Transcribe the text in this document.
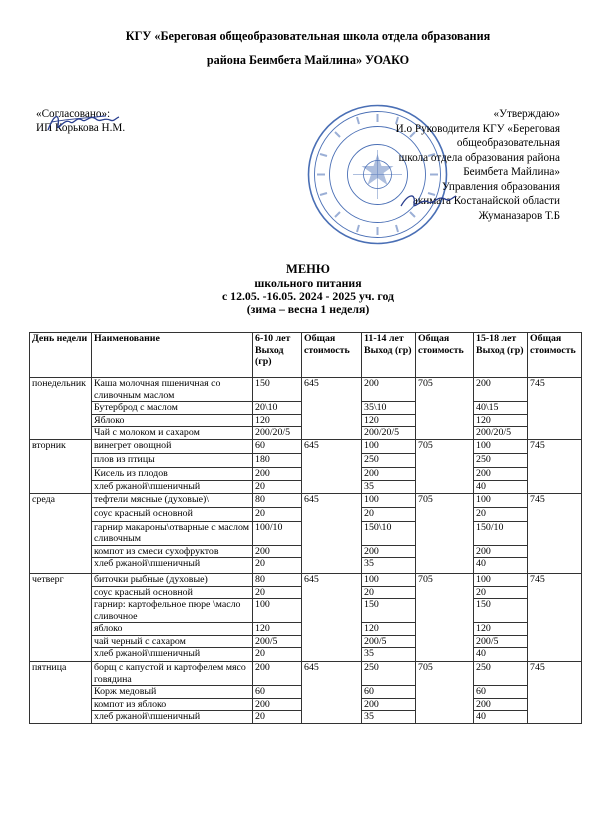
КГУ «Береговая общеобразовательная школа отдела образования
района Беимбета Майлина» УОАКО
«Согласовано»:
ИП Корькова Н.М.
«Утверждаю»
И.о Руководителя КГУ «Береговая
общеобразовательная
школа отдела образования района
Беимбета Майлина»
Управления образования
акимата Костанайской области
Жуманазаров Т.Б
МЕНЮ
школьного питания
с 12.05. -16.05. 2024 - 2025 уч. год
(зима – весна 1 неделя)
День недели	Наименование	6-10 лет Выход (гр)	Общая стоимость	11-14 лет Выход (гр)	Общая стоимость	15-18 лет Выход (гр)	Общая стоимость
понедельник	Каша молочная пшеничная со сливочным маслом	150	645	200	705	200	745
	Бутерброд с маслом	20\10		35\10		40\15	
	Яблоко	120		120		120	
	Чай с молоком и сахаром	200/20/5		200/20/5		200/20/5	
вторник	винегрет овощной	60	645	100	705	100	745
	плов из птицы	180		250		250	
	Кисель из плодов	200		200		200	
	хлеб ржаной\пшеничный	20		35		40	
среда	тефтели мясные (духовые)\	80	645	100	705	100	745
	соус красный основной	20		20		20	
	гарнир макароны\отварные с маслом сливочным	100/10		150\10		150/10	
	компот из смеси сухофруктов	200		200		200	
	хлеб ржаной\пшеничный	20		35		40	
четверг	биточки рыбные (духовые)	80	645	100	705	100	745
	соус красный основной	20		20		20	
	гарнир: картофельное пюре \масло сливочное	100		150		150	
	яблоко	120		120		120	
	чай черный с сахаром	200/5		200/5		200/5	
	хлеб ржаной\пшеничный	20		35		40	
пятница	борщ с капустой и картофелем мясо говядина	200	645	250	705	250	745
	Корж медовый	60		60		60	
	компот из яблоко	200		200		200	
	хлеб ржаной\пшеничный	20		35		40	
